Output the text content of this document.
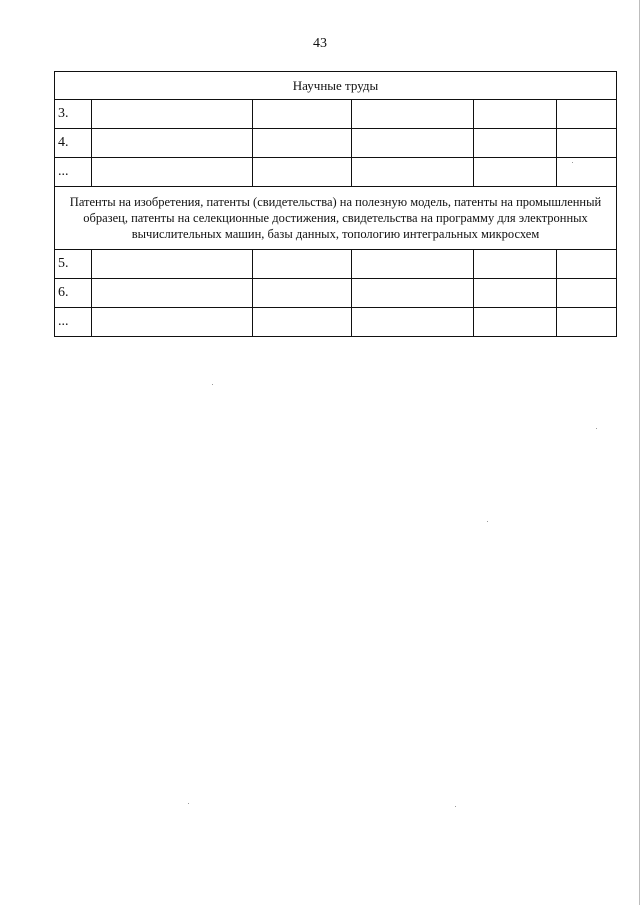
43
Научные труды					
3.					
4.					
...					
Патенты на изобретения, патенты (свидетельства) на полезную модель, патенты на промышленный образец, патенты на селекционные достижения, свидетельства на программу для электронных вычислительных машин, базы данных, топологию интегральных микросхем					
5.					
6.					
...					
